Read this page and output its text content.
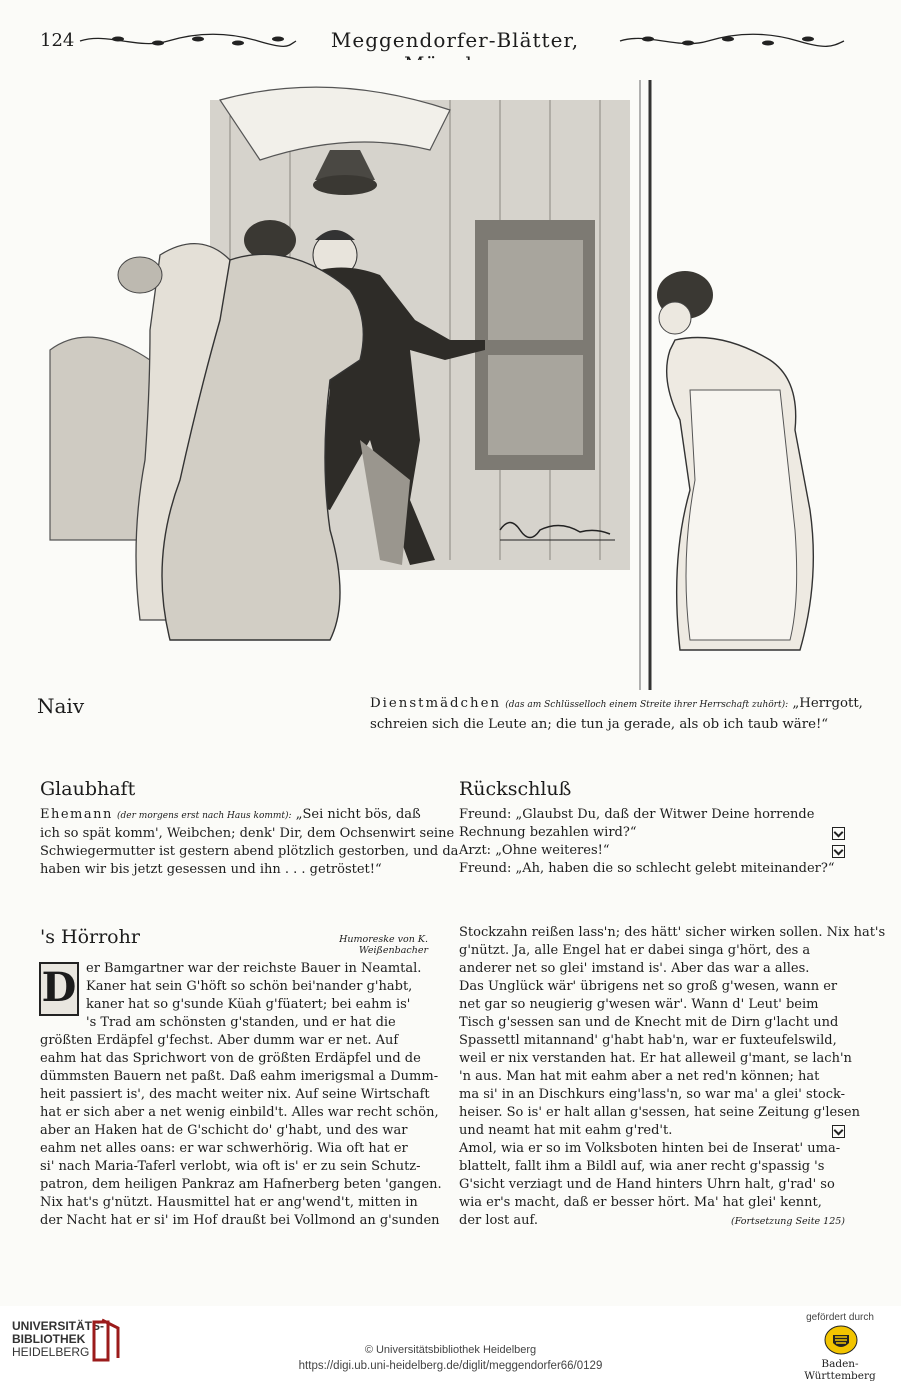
124	Meggendorfer-Blätter,
Naiv	Dienstmädchen (das am Schlüsselloch einem Streite ihrer Herrschaft zuhört): „Herrgott,
schreien sich die Leute an; die tun ja gerade, als ob ich taub wäre!“
Glaubhaft
Ehemann (der morgens erst nach Haus kommt): „Sei nicht bös, daß
ich so spät komm', Weibchen; denk' Dir, dem Ochsenwirt seine
Schwiegermutter ist gestern abend plötzlich gestorben, und da
haben wir bis jetzt gesessen und ihn . . . getröstet!“
Rückschluß
Freund: „Glaubst Du, daß der Witwer Deine horrende
Rechnung bezahlen wird?“
Arzt: „Ohne weiteres!“
Freund: „Ah, haben die so schlecht gelebt miteinander?“
's Hörrohr	Humoreske von K. Weißenbacher
D er Bamgartner war der reichste Bauer in Neamtal.
Kaner hat sein G'höft so schön bei'nander g'habt,
kaner hat so g'sunde Küah g'füatert; bei eahm is'
's Trad am schönsten g'standen, und er hat die
größten Erdäpfel g'fechst. Aber dumm war er net. Auf
eahm hat das Sprichwort von de größten Erdäpfel und de
dümmsten Bauern net paßt. Daß eahm imerigsmal a Dumm-
heit passiert is', des macht weiter nix. Auf seine Wirtschaft
hat er sich aber a net wenig einbild't. Alles war recht schön,
aber an Haken hat de G'schicht do' g'habt, und des war
eahm net alles oans: er war schwerhörig. Wia oft hat er
si' nach Maria-Taferl verlobt, wia oft is' er zu sein Schutz-
patron, dem heiligen Pankraz am Hafnerberg beten 'gangen.
Nix hat's g'nützt. Hausmittel hat er ang'wend't, mitten in
der Nacht hat er si' im Hof draußt bei Vollmond an g'sunden
Stockzahn reißen lass'n; des hätt' sicher wirken sollen. Nix hat's
g'nützt. Ja, alle Engel hat er dabei singa g'hört, des a
anderer net so glei' imstand is'. Aber das war a alles.
Das Unglück wär' übrigens net so groß g'wesen, wann er
net gar so neugierig g'wesen wär'. Wann d' Leut' beim
Tisch g'sessen san und de Knecht mit de Dirn g'lacht und
Spassettl mitannand' g'habt hab'n, war er fuxteufelswild,
weil er nix verstanden hat. Er hat alleweil g'mant, se lach'n
'n aus. Man hat mit eahm aber a net red'n können; hat
ma si' in an Dischkurs eing'lass'n, so war ma' a glei' stock-
heiser. So is' er halt allan g'sessen, hat seine Zeitung g'lesen
und neamt hat mit eahm g'red't.
Amol, wia er so im Volksboten hinten bei de Inserat' uma-
blattelt, fallt ihm a Bildl auf, wia aner recht g'spassig 's
G'sicht verziagt und de Hand hinters Uhrn halt, g'rad' so
wia er's macht, daß er besser hört. Ma' hat glei' kennt,
der lost auf.	(Fortsetzung Seite 125)
UNIVERSITÄTS-
BIBLIOTHEK
HEIDELBERG	© Universitätsbibliothek Heidelberg
https://digi.ub.uni-heidelberg.de/diglit/meggendorfer66/0129
gefördert durch
Baden-Württemberg
